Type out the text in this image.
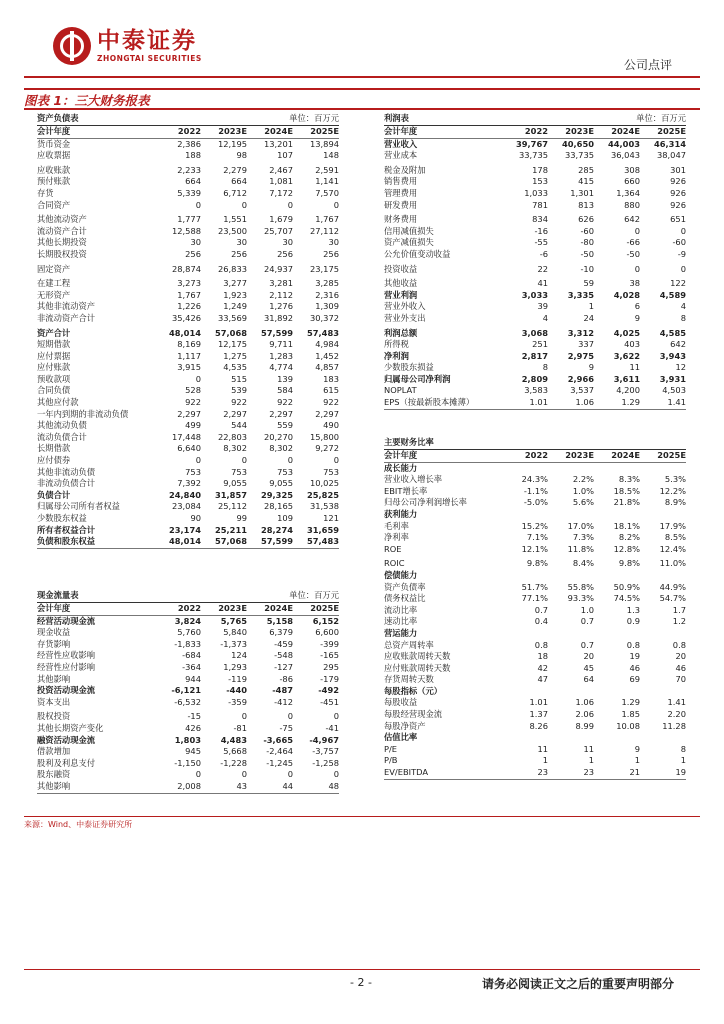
中泰证券
ZHONGTAI SECURITIES	公司点评
图表 1：三大财务报表
资产负债表	单位：百万元
会计年度	2022	2023E	2024E	2025E
货币资金	2,386	12,195	13,201	13,894
应收票据	188	98	107	148
应收账款	2,233	2,279	2,467	2,591
预付账款	664	664	1,081	1,141
存货	5,339	6,712	7,172	7,570
合同资产	0	0	0	0
其他流动资产	1,777	1,551	1,679	1,767
流动资产合计	12,588	23,500	25,707	27,112
其他长期投资	30	30	30	30
长期股权投资	256	256	256	256
固定资产	28,874	26,833	24,937	23,175
在建工程	3,273	3,277	3,281	3,285
无形资产	1,767	1,923	2,112	2,316
其他非流动资产	1,226	1,249	1,276	1,309
非流动资产合计	35,426	33,569	31,892	30,372
资产合计	48,014	57,068	57,599	57,483
短期借款	8,169	12,175	9,711	4,984
应付票据	1,117	1,275	1,283	1,452
应付账款	3,915	4,535	4,774	4,857
预收款项	0	515	139	183
合同负债	528	539	584	615
其他应付款	922	922	922	922
一年内到期的非流动负债	2,297	2,297	2,297	2,297
其他流动负债	499	544	559	490
流动负债合计	17,448	22,803	20,270	15,800
长期借款	6,640	8,302	8,302	9,272
应付债券	0	0	0	0
其他非流动负债	753	753	753	753
非流动负债合计	7,392	9,055	9,055	10,025
负债合计	24,840	31,857	29,325	25,825
归属母公司所有者权益	23,084	25,112	28,165	31,538
少数股东权益	90	99	109	121
所有者权益合计	23,174	25,211	28,274	31,659
负债和股东权益	48,014	57,068	57,599	57,483
利润表	单位：百万元
会计年度	2022	2023E	2024E	2025E
营业收入	39,767	40,650	44,003	46,314
营业成本	33,735	33,735	36,043	38,047
税金及附加	178	285	308	301
销售费用	153	415	660	926
管理费用	1,033	1,301	1,364	926
研发费用	781	813	880	926
财务费用	834	626	642	651
信用减值损失	-16	-60	0	0
资产减值损失	-55	-80	-66	-60
公允价值变动收益	-6	-50	-50	-9
投资收益	22	-10	0	0
其他收益	41	59	38	122
营业利润	3,033	3,335	4,028	4,589
营业外收入	39	1	6	4
营业外支出	4	24	9	8
利润总额	3,068	3,312	4,025	4,585
所得税	251	337	403	642
净利润	2,817	2,975	3,622	3,943
少数股东损益	8	9	11	12
归属母公司净利润	2,809	2,966	3,611	3,931
NOPLAT	3,583	3,537	4,200	4,503
EPS（按最新股本摊薄）	1.01	1.06	1.29	1.41
主要财务比率
会计年度	2022	2023E	2024E	2025E
成长能力
营业收入增长率	24.3%	2.2%	8.3%	5.3%
EBIT增长率	-1.1%	1.0%	18.5%	12.2%
归母公司净利润增长率	-5.0%	5.6%	21.8%	8.9%
获利能力
毛利率	15.2%	17.0%	18.1%	17.9%
净利率	7.1%	7.3%	8.2%	8.5%
ROE	12.1%	11.8%	12.8%	12.4%
ROIC	9.8%	8.4%	9.8%	11.0%
偿债能力
资产负债率	51.7%	55.8%	50.9%	44.9%
债务权益比	77.1%	93.3%	74.5%	54.7%
流动比率	0.7	1.0	1.3	1.7
速动比率	0.4	0.7	0.9	1.2
营运能力
总资产周转率	0.8	0.7	0.8	0.8
应收账款周转天数	18	20	19	20
应付账款周转天数	42	45	46	46
存货周转天数	47	64	69	70
每股指标（元）
每股收益	1.01	1.06	1.29	1.41
每股经营现金流	1.37	2.06	1.85	2.20
每股净资产	8.26	8.99	10.08	11.28
估值比率
P/E	11	11	9	8
P/B	1	1	1	1
EV/EBITDA	23	23	21	19
现金流量表	单位：百万元
会计年度	2022	2023E	2024E	2025E
经营活动现金流	3,824	5,765	5,158	6,152
现金收益	5,760	5,840	6,379	6,600
存货影响	-1,833	-1,373	-459	-399
经营性应收影响	-684	124	-548	-165
经营性应付影响	-364	1,293	-127	295
其他影响	944	-119	-86	-179
投资活动现金流	-6,121	-440	-487	-492
资本支出	-6,532	-359	-412	-451
股权投资	-15	0	0	0
其他长期资产变化	426	-81	-75	-41
融资活动现金流	1,803	4,483	-3,665	-4,967
借款增加	945	5,668	-2,464	-3,757
股利及利息支付	-1,150	-1,228	-1,245	-1,258
股东融资	0	0	0	0
其他影响	2,008	43	44	48
来源：Wind、中泰证券研究所
- 2 -	请务必阅读正文之后的重要声明部分
